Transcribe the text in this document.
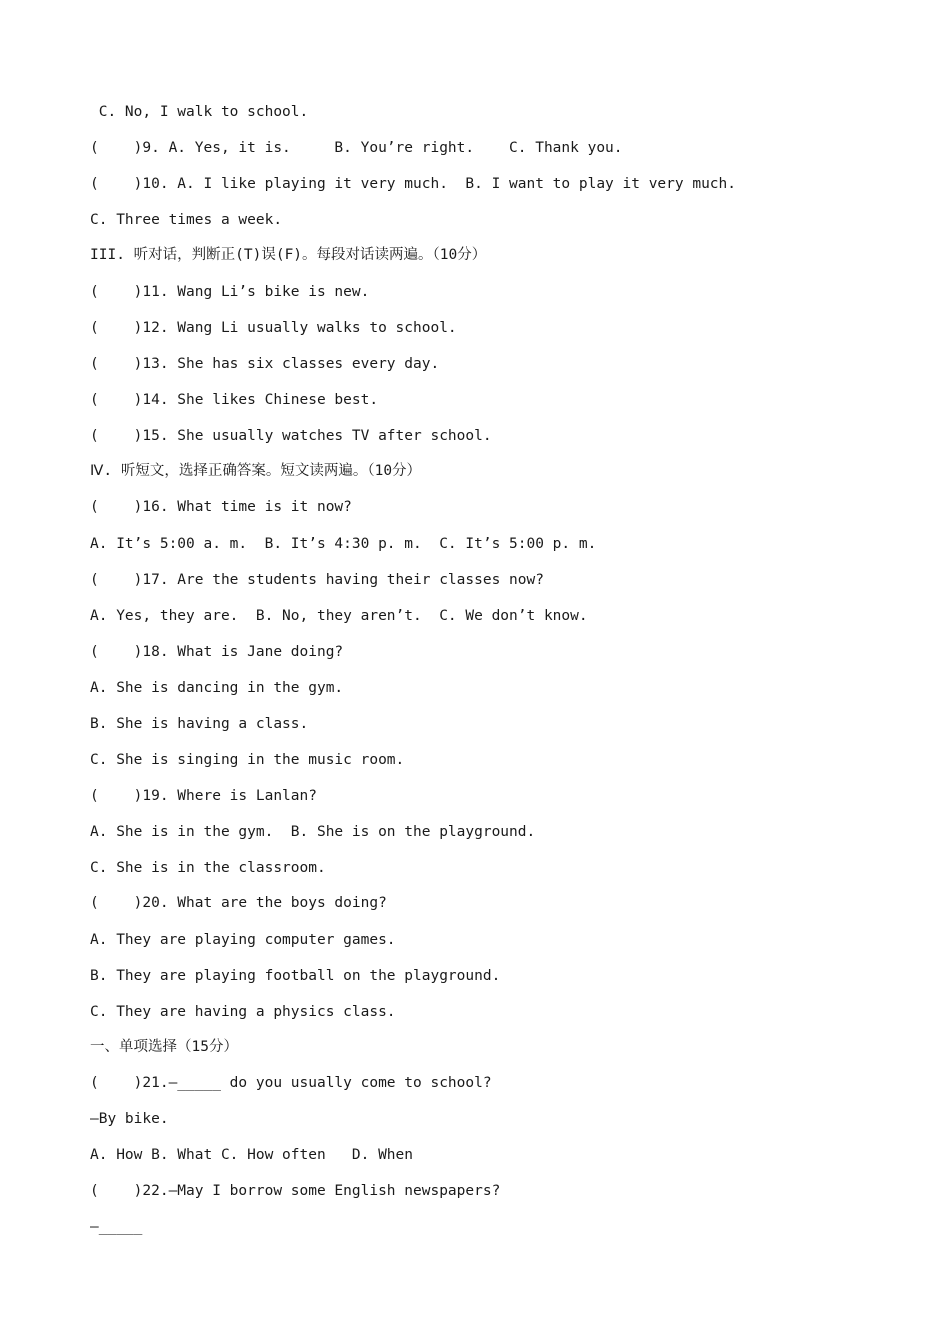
C. No, I walk to school.
(    )9. A. Yes, it is.     B. You’re right.    C. Thank you.
(    )10. A. I like playing it very much.  B. I want to play it very much.
C. Three times a week.
III. 听对话，判断正(T)误(F)。每段对话读两遍。（10分）
(    )11. Wang Li’s bike is new.
(    )12. Wang Li usually walks to school.
(    )13. She has six classes every day.
(    )14. She likes Chinese best.
(    )15. She usually watches TV after school.
Ⅳ. 听短文，选择正确答案。短文读两遍。（10分）
(    )16. What time is it now?
A. It’s 5:00 a. m.  B. It’s 4:30 p. m.  C. It’s 5:00 p. m.
(    )17. Are the students having their classes now?
A. Yes, they are.  B. No, they aren’t.  C. We don’t know.
(    )18. What is Jane doing?
A. She is dancing in the gym.
B. She is having a class.
C. She is singing in the music room.
(    )19. Where is Lanlan?
A. She is in the gym.  B. She is on the playground.
C. She is in the classroom.
(    )20. What are the boys doing?
A. They are playing computer games.
B. They are playing football on the playground.
C. They are having a physics class.
一、单项选择（15分）
(    )21.—_____ do you usually come to school?
—By bike.
A. How B. What C. How often   D. When
(    )22.—May I borrow some English newspapers?
—_____
